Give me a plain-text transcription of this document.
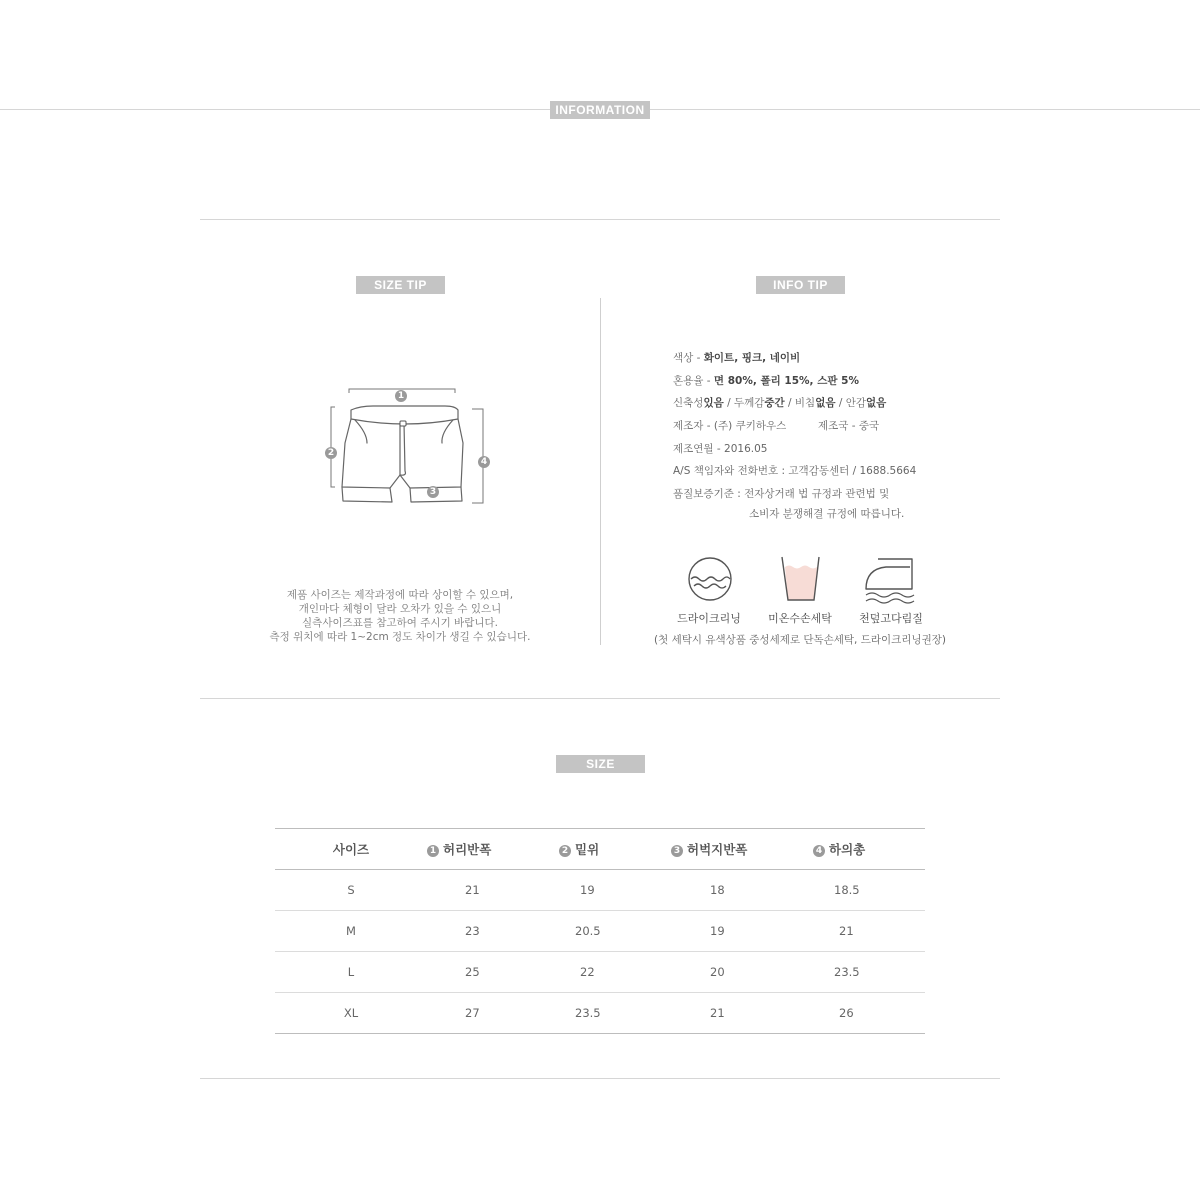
INFORMATION
SIZE TIP
1
2
3
4
제품 사이즈는 제작과정에 따라 상이할 수 있으며,
개인마다 체형이 달라 오차가 있을 수 있으니
실측사이즈표를 참고하여 주시기 바랍니다.
측정 위치에 따라 1~2cm 정도 차이가 생길 수 있습니다.
INFO TIP
색상 - 화이트, 핑크, 네이비
혼용율 - 면 80%, 폴리 15%, 스판 5%
신축성있음 / 두께감중간 / 비침없음 / 안감없음
제조자 - (주) 쿠키하우스	제조국 - 중국
제조연월 - 2016.05
A/S 책임자와 전화번호 : 고객감동센터 / 1688.5664
품질보증기준 : 전자상거래 법 규정과 관련법 및
소비자 분쟁해결 규정에 따릅니다.
드라이크리닝	미온수손세탁	천덮고다림질
(첫 세탁시 유색상품 중성세제로 단독손세탁, 드라이크리닝권장)
SIZE
사이즈	1 허리반폭	2 밑위	3 허벅지반폭	4 하의총
S	21	19	18	18.5
M	23	20.5	19	21
L	25	22	20	23.5
XL	27	23.5	21	26
